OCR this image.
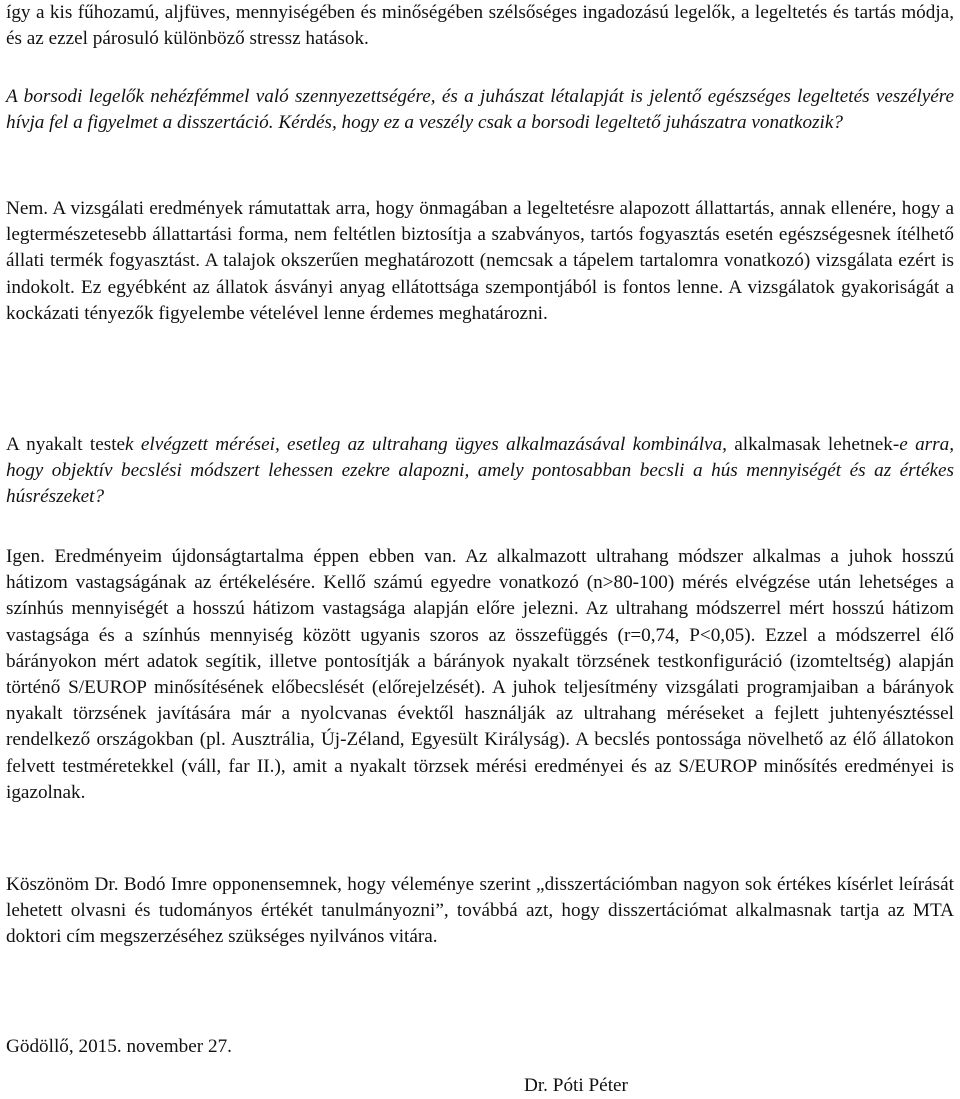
így a kis fűhozamú, aljfüves, mennyiségében és minőségében szélsőséges ingadozású legelők, a legeltetés és tartás módja, és az ezzel párosuló különböző stressz hatások.

A borsodi legelők nehézfémmel való szennyezettségére, és a juhászat létalapját is jelentő egészséges legeltetés veszélyére hívja fel a figyelmet a disszertáció. Kérdés, hogy ez a veszély csak a borsodi legeltető juhászatra vonatkozik?

Nem. A vizsgálati eredmények rámutattak arra, hogy önmagában a legeltetésre alapozott állattartás, annak ellenére, hogy a legtermészetesebb állattartási forma, nem feltétlen biztosítja a szabványos, tartós fogyasztás esetén egészségesnek ítélhető állati termék fogyasztást. A talajok okszerűen meghatározott (nemcsak a tápelem tartalomra vonatkozó) vizsgálata ezért is indokolt. Ez egyébként az állatok ásványi anyag ellátottsága szempontjából is fontos lenne. A vizsgálatok gyakoriságát a kockázati tényezők figyelembe vételével lenne érdemes meghatározni.

A nyakalt testek elvégzett mérései, esetleg az ultrahang ügyes alkalmazásával kombinálva, alkalmasak lehetnek-e arra, hogy objektív becslési módszert lehessen ezekre alapozni, amely pontosabban becsli a hús mennyiségét és az értékes húsrészeket?

Igen. Eredményeim újdonságtartalma éppen ebben van. Az alkalmazott ultrahang módszer alkalmas a juhok hosszú hátizom vastagságának az értékelésére. Kellő számú egyedre vonatkozó (n>80-100) mérés elvégzése után lehetséges a színhús mennyiségét a hosszú hátizom vastagsága alapján előre jelezni. Az ultrahang módszerrel mért hosszú hátizom vastagsága és a színhús mennyiség között ugyanis szoros az összefüggés (r=0,74, P<0,05). Ezzel a módszerrel élő bárányokon mért adatok segítik, illetve pontosítják a bárányok nyakalt törzsének testkonfiguráció (izomteltség) alapján történő S/EUROP minősítésének előbecslését (előrejelzését). A juhok teljesítmény vizsgálati programjaiban a bárányok nyakalt törzsének javítására már a nyolcvanas évektől használják az ultrahang méréseket a fejlett juhtenyésztéssel rendelkező országokban (pl. Ausztrália, Új-Zéland, Egyesült Királyság). A becslés pontossága növelhető az élő állatokon felvett testméretekkel (váll, far II.), amit a nyakalt törzsek mérési eredményei és az S/EUROP minősítés eredményei is igazolnak.

Köszönöm Dr. Bodó Imre opponensemnek, hogy véleménye szerint „disszertációmban nagyon sok értékes kísérlet leírását lehetett olvasni és tudományos értékét tanulmányozni”, továbbá azt, hogy disszertációmat alkalmasnak tartja az MTA doktori cím megszerzéséhez szükséges nyilvános vitára.

Gödöllő, 2015. november 27.

Dr. Póti Péter
